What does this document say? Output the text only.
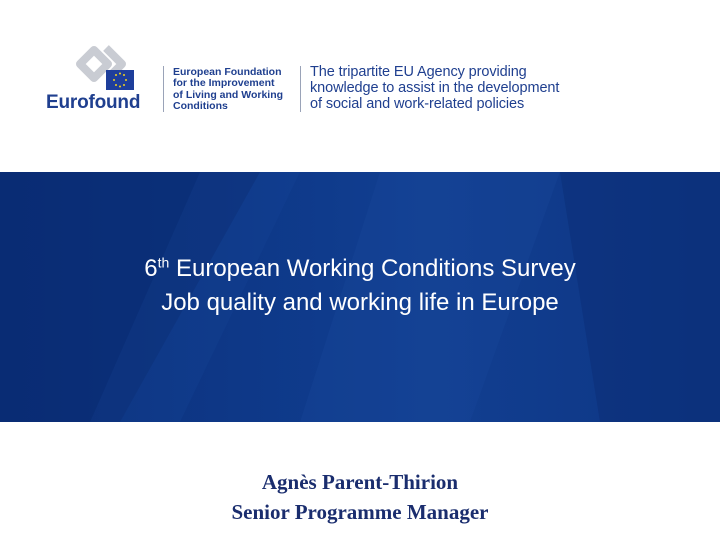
Eurofound
European Foundation
for the Improvement
of Living and Working
Conditions
The tripartite EU Agency providing
knowledge to assist in the development
of social and work-related policies
6th European Working Conditions Survey
Job quality and working life in Europe
Agnès Parent-Thirion
Senior Programme Manager
